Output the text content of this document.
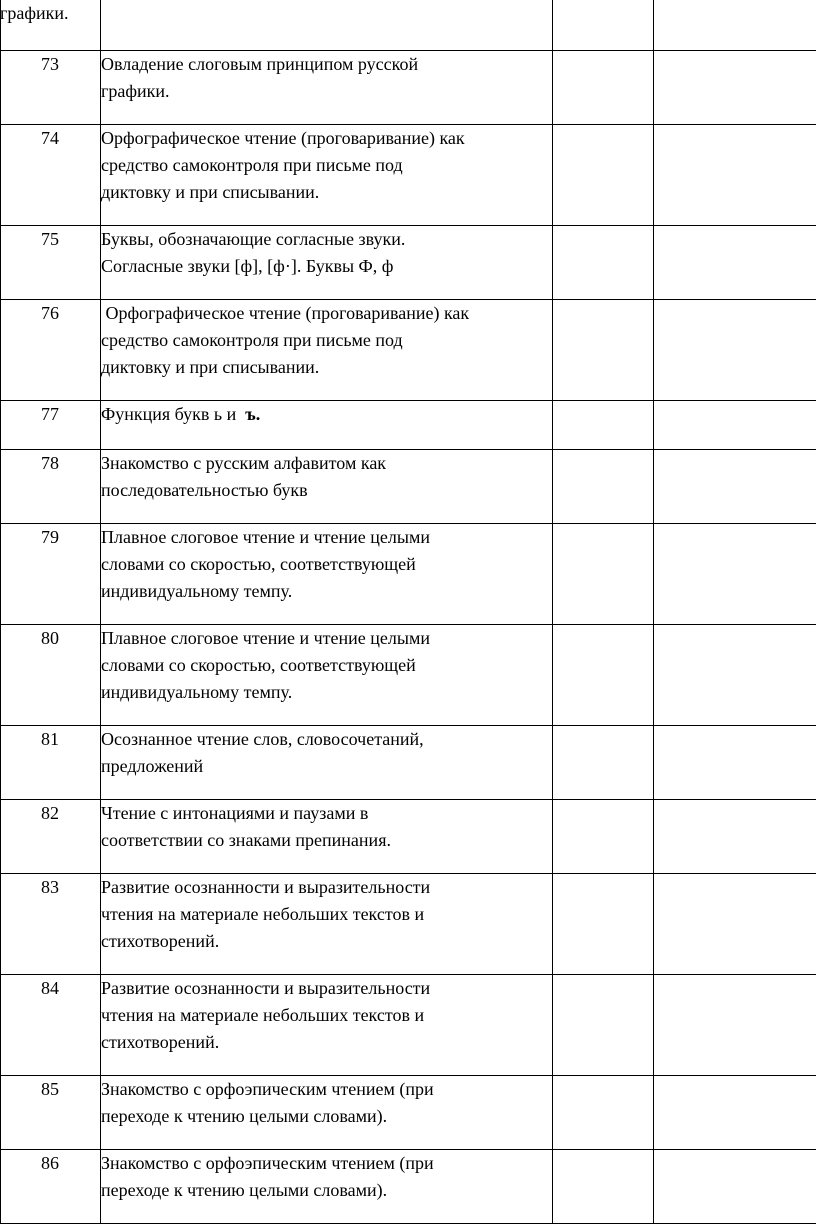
графики.			
73	Овладение слоговым принципом русской
графики.		

74	Орфографическое чтение (проговаривание) как
средство самоконтроля при письме под
диктовку и при списывании.		

75	Буквы, обозначающие согласные звуки.
Согласные звуки [ф], [ф·]. Буквы Ф, ф		

76	Орфографическое чтение (проговаривание) как
средство самоконтроля при письме под
диктовку и при списывании.		

77	Функция букв ь и  ъ.		

78	Знакомство с русским алфавитом как
последовательностью букв		

79	Плавное слоговое чтение и чтение целыми
словами со скоростью, соответствующей
индивидуальному темпу.		

80	Плавное слоговое чтение и чтение целыми
словами со скоростью, соответствующей
индивидуальному темпу.		

81	Осознанное чтение слов, словосочетаний,
предложений		

82	Чтение с интонациями и паузами в
соответствии со знаками препинания.		

83	Развитие осознанности и выразительности
чтения на материале небольших текстов и
стихотворений.		

84	Развитие осознанности и выразительности
чтения на материале небольших текстов и
стихотворений.		

85	Знакомство с орфоэпическим чтением (при
переходе к чтению целыми словами).		

86	Знакомство с орфоэпическим чтением (при
переходе к чтению целыми словами).		
